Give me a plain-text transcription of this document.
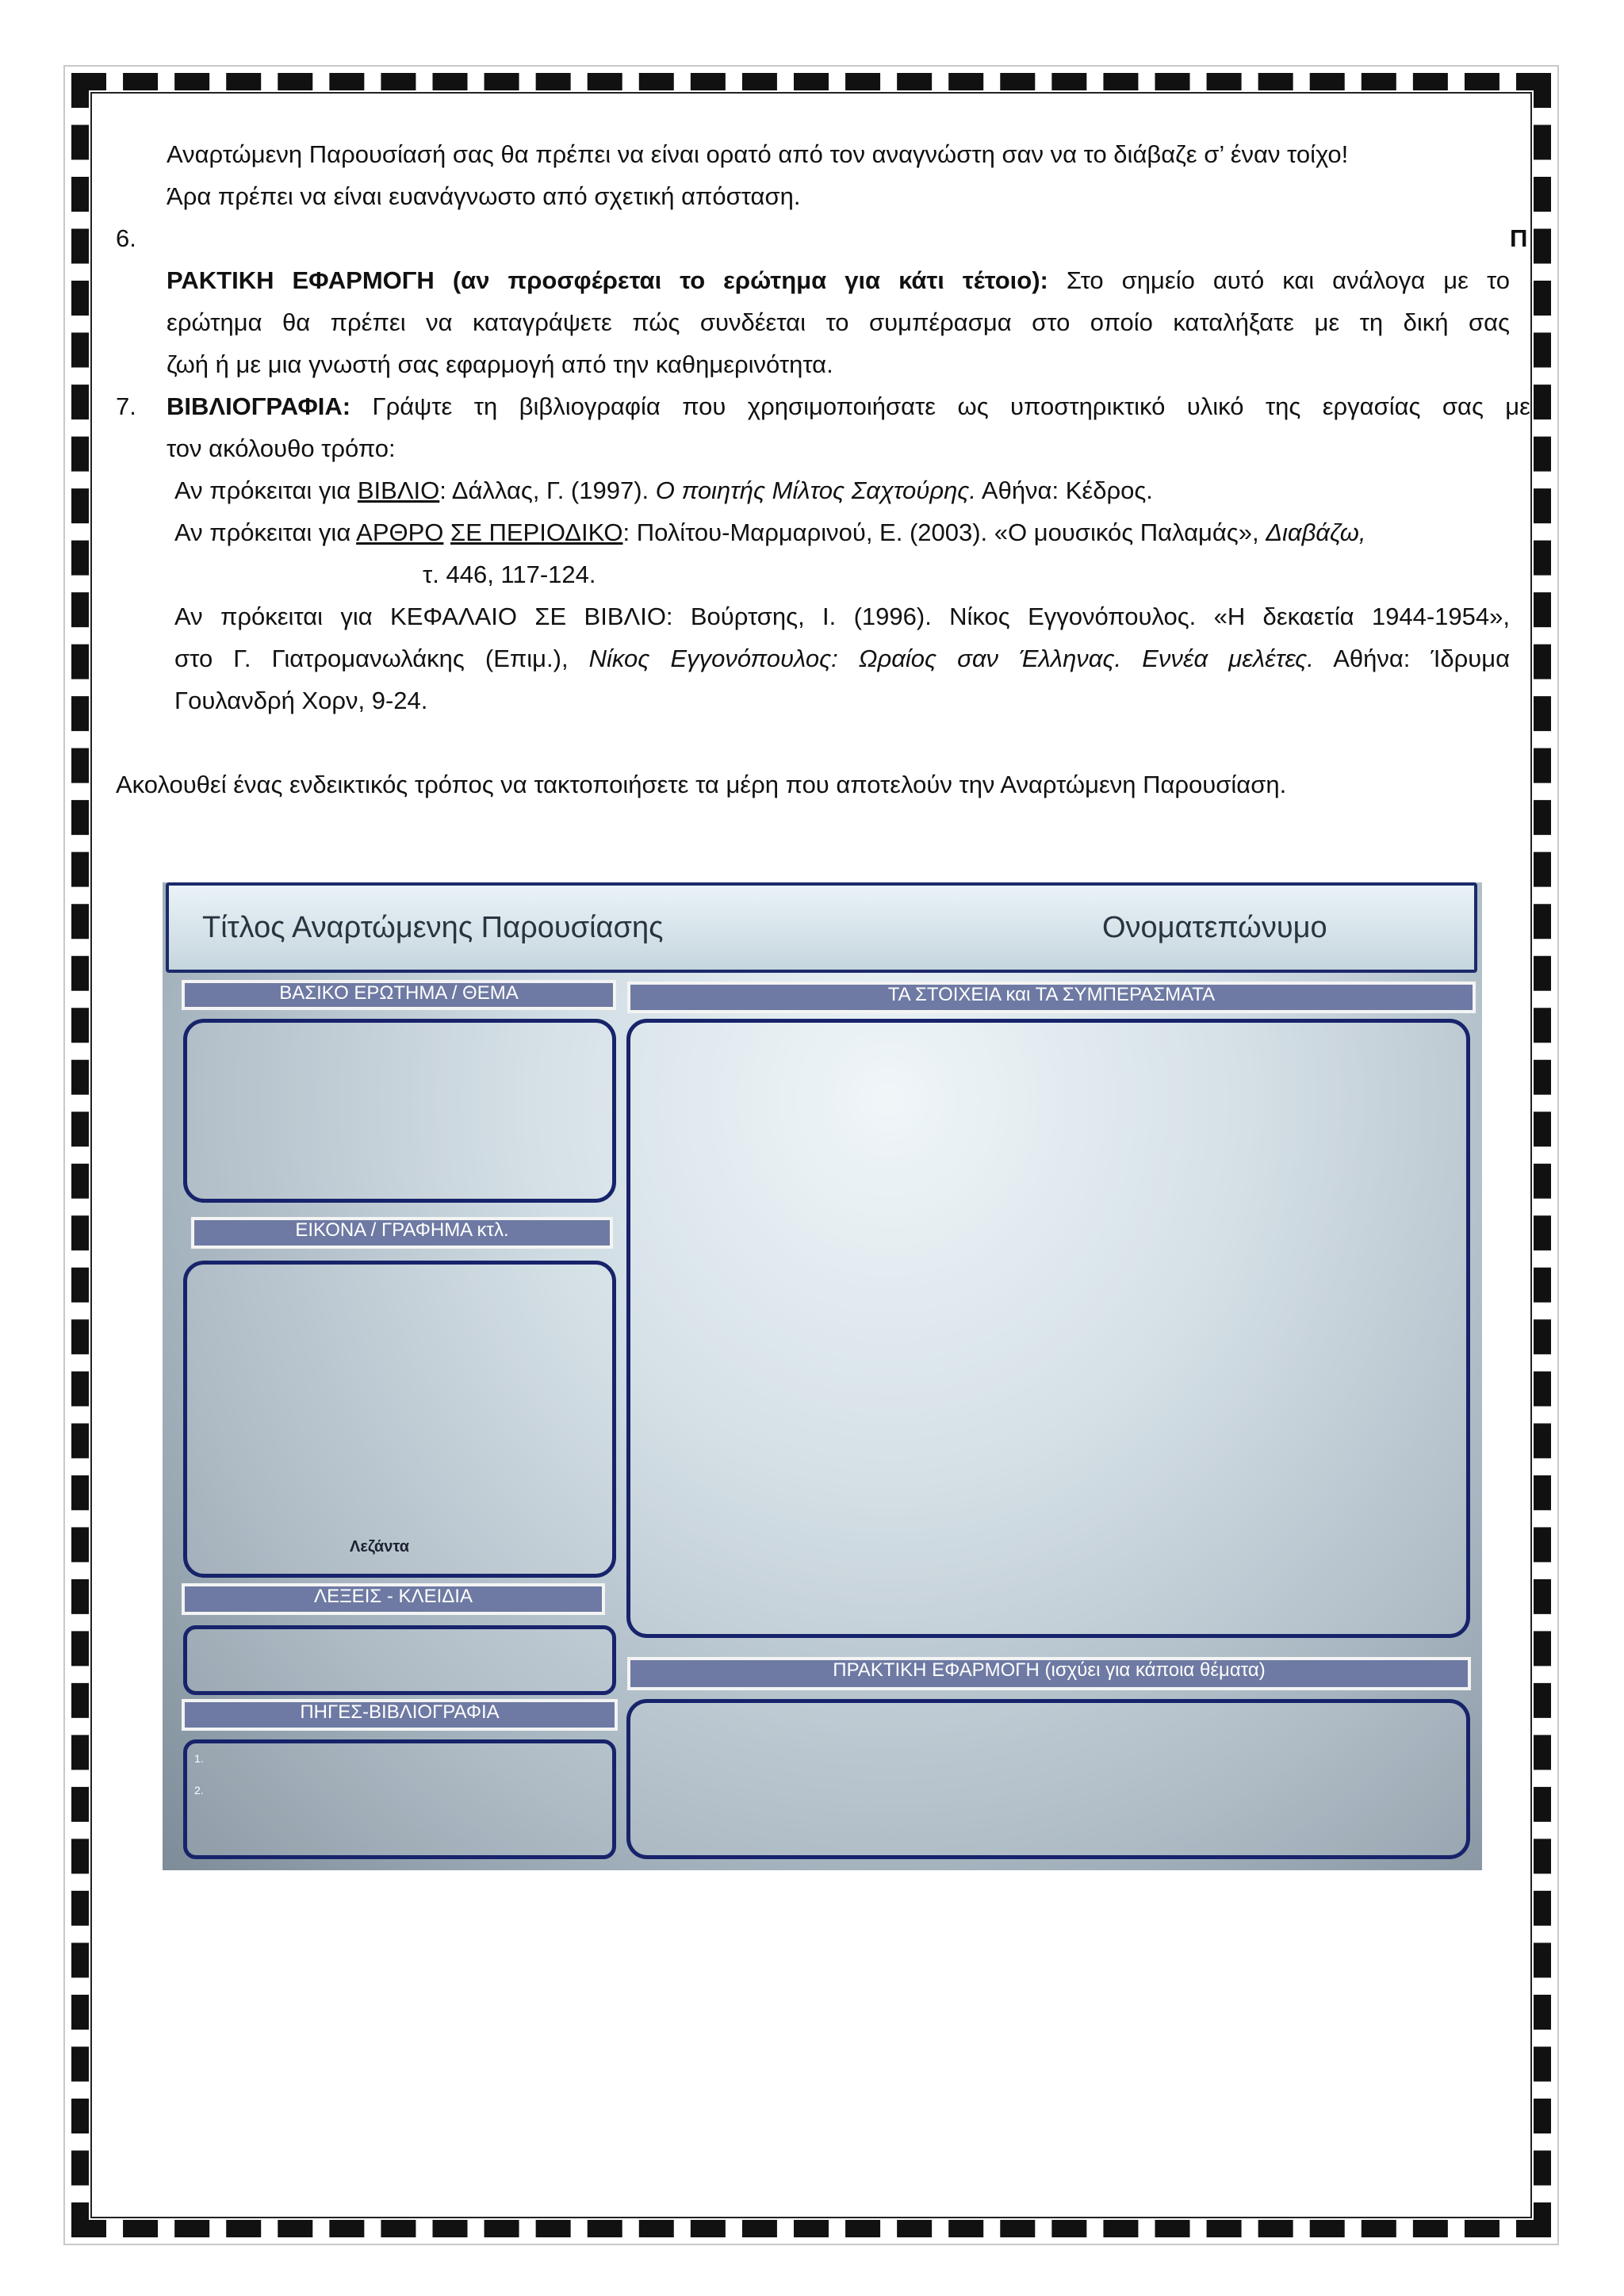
Αναρτώμενη Παρουσίασή σας θα πρέπει να είναι ορατό από τον αναγνώστη σαν να το διάβαζε σ’ έναν τοίχο!
Άρα πρέπει να είναι ευανάγνωστο από σχετική απόσταση.
6.	Π
ΡΑΚΤΙΚΗ ΕΦΑΡΜΟΓΗ (αν προσφέρεται το ερώτημα για κάτι τέτοιο): Στο σημείο αυτό και ανάλογα με το
ερώτημα θα πρέπει να καταγράψετε πώς συνδέεται το συμπέρασμα στο οποίο καταλήξατε με τη δική σας
ζωή ή με μια γνωστή σας εφαρμογή από την καθημερινότητα.
7. ΒΙΒΛΙΟΓΡΑΦΙΑ: Γράψτε τη βιβλιογραφία που χρησιμοποιήσατε ως υποστηρικτικό υλικό της εργασίας σας με
τον ακόλουθο τρόπο:
Αν πρόκειται για ΒΙΒΛΙΟ: Δάλλας, Γ. (1997). Ο ποιητής Μίλτος Σαχτούρης. Αθήνα: Κέδρος.
Αν πρόκειται για ΑΡΘΡΟ ΣΕ ΠΕΡΙΟΔΙΚΟ: Πολίτου-Μαρμαρινού, Ε. (2003). «Ο μουσικός Παλαμάς», Διαβάζω,
τ. 446, 117-124.
Αν πρόκειται για ΚΕΦΑΛΑΙΟ ΣΕ ΒΙΒΛΙΟ: Βούρτσης, Ι. (1996). Νίκος Εγγονόπουλος. «Η δεκαετία 1944-1954»,
στο Γ. Γιατρομανωλάκης (Επιμ.), Νίκος Εγγονόπουλος: Ωραίος σαν Έλληνας. Εννέα μελέτες. Αθήνα: Ίδρυμα
Γουλανδρή Χορν, 9-24.
Ακολουθεί ένας ενδεικτικός τρόπος να τακτοποιήσετε τα μέρη που αποτελούν την Αναρτώμενη Παρουσίαση.
Τίτλος Αναρτώμενης Παρουσίασης	Ονοματεπώνυμο
ΒΑΣΙΚΟ ΕΡΩΤΗΜΑ / ΘΕΜΑ	ΤΑ ΣΤΟΙΧΕΙΑ και ΤΑ ΣΥΜΠΕΡΑΣΜΑΤΑ
ΕΙΚΟΝΑ / ΓΡΑΦΗΜΑ κτλ.
Λεζάντα
ΛΕΞΕΙΣ - ΚΛΕΙΔΙΑ
ΠΡΑΚΤΙΚΗ ΕΦΑΡΜΟΓΗ (ισχύει για κάποια θέματα)
ΠΗΓΕΣ-ΒΙΒΛΙΟΓΡΑΦΙΑ
1.
2.
